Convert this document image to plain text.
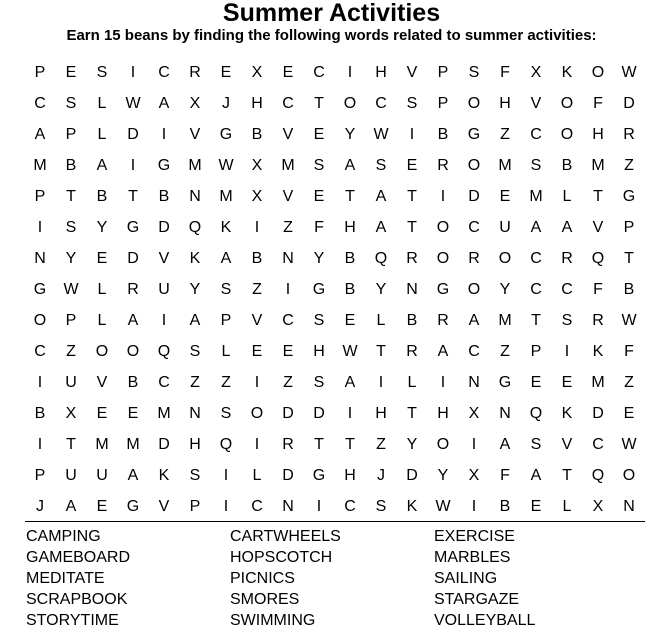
Summer Activities
Earn 15 beans by finding the following words related to summer activities:
P	E	S	I	C	R	E	X	E	C	I	H	V	P	S	F	X	K	O	W
C	S	L	W	A	X	J	H	C	T	O	C	S	P	O	H	V	O	F	D
A	P	L	D	I	V	G	B	V	E	Y	W	I	B	G	Z	C	O	H	R
M	B	A	I	G	M	W	X	M	S	A	S	E	R	O	M	S	B	M	Z
P	T	B	T	B	N	M	X	V	E	T	A	T	I	D	E	M	L	T	G
I	S	Y	G	D	Q	K	I	Z	F	H	A	T	O	C	U	A	A	V	P
N	Y	E	D	V	K	A	B	N	Y	B	Q	R	O	R	O	C	R	Q	T
G	W	L	R	U	Y	S	Z	I	G	B	Y	N	G	O	Y	C	C	F	B
O	P	L	A	I	A	P	V	C	S	E	L	B	R	A	M	T	S	R	W
C	Z	O	O	Q	S	L	E	E	H	W	T	R	A	C	Z	P	I	K	F
I	U	V	B	C	Z	Z	I	Z	S	A	I	L	I	N	G	E	E	M	Z
B	X	E	E	M	N	S	O	D	D	I	H	T	H	X	N	Q	K	D	E
I	T	M	M	D	H	Q	I	R	T	T	Z	Y	O	I	A	S	V	C	W
P	U	U	A	K	S	I	L	D	G	H	J	D	Y	X	F	A	T	Q	O
J	A	E	G	V	P	I	C	N	I	C	S	K	W	I	B	E	L	X	N
CAMPING	CARTWHEELS	EXERCISE
GAMEBOARD	HOPSCOTCH	MARBLES
MEDITATE	PICNICS	SAILING
SCRAPBOOK	SMORES	STARGAZE
STORYTIME	SWIMMING	VOLLEYBALL
